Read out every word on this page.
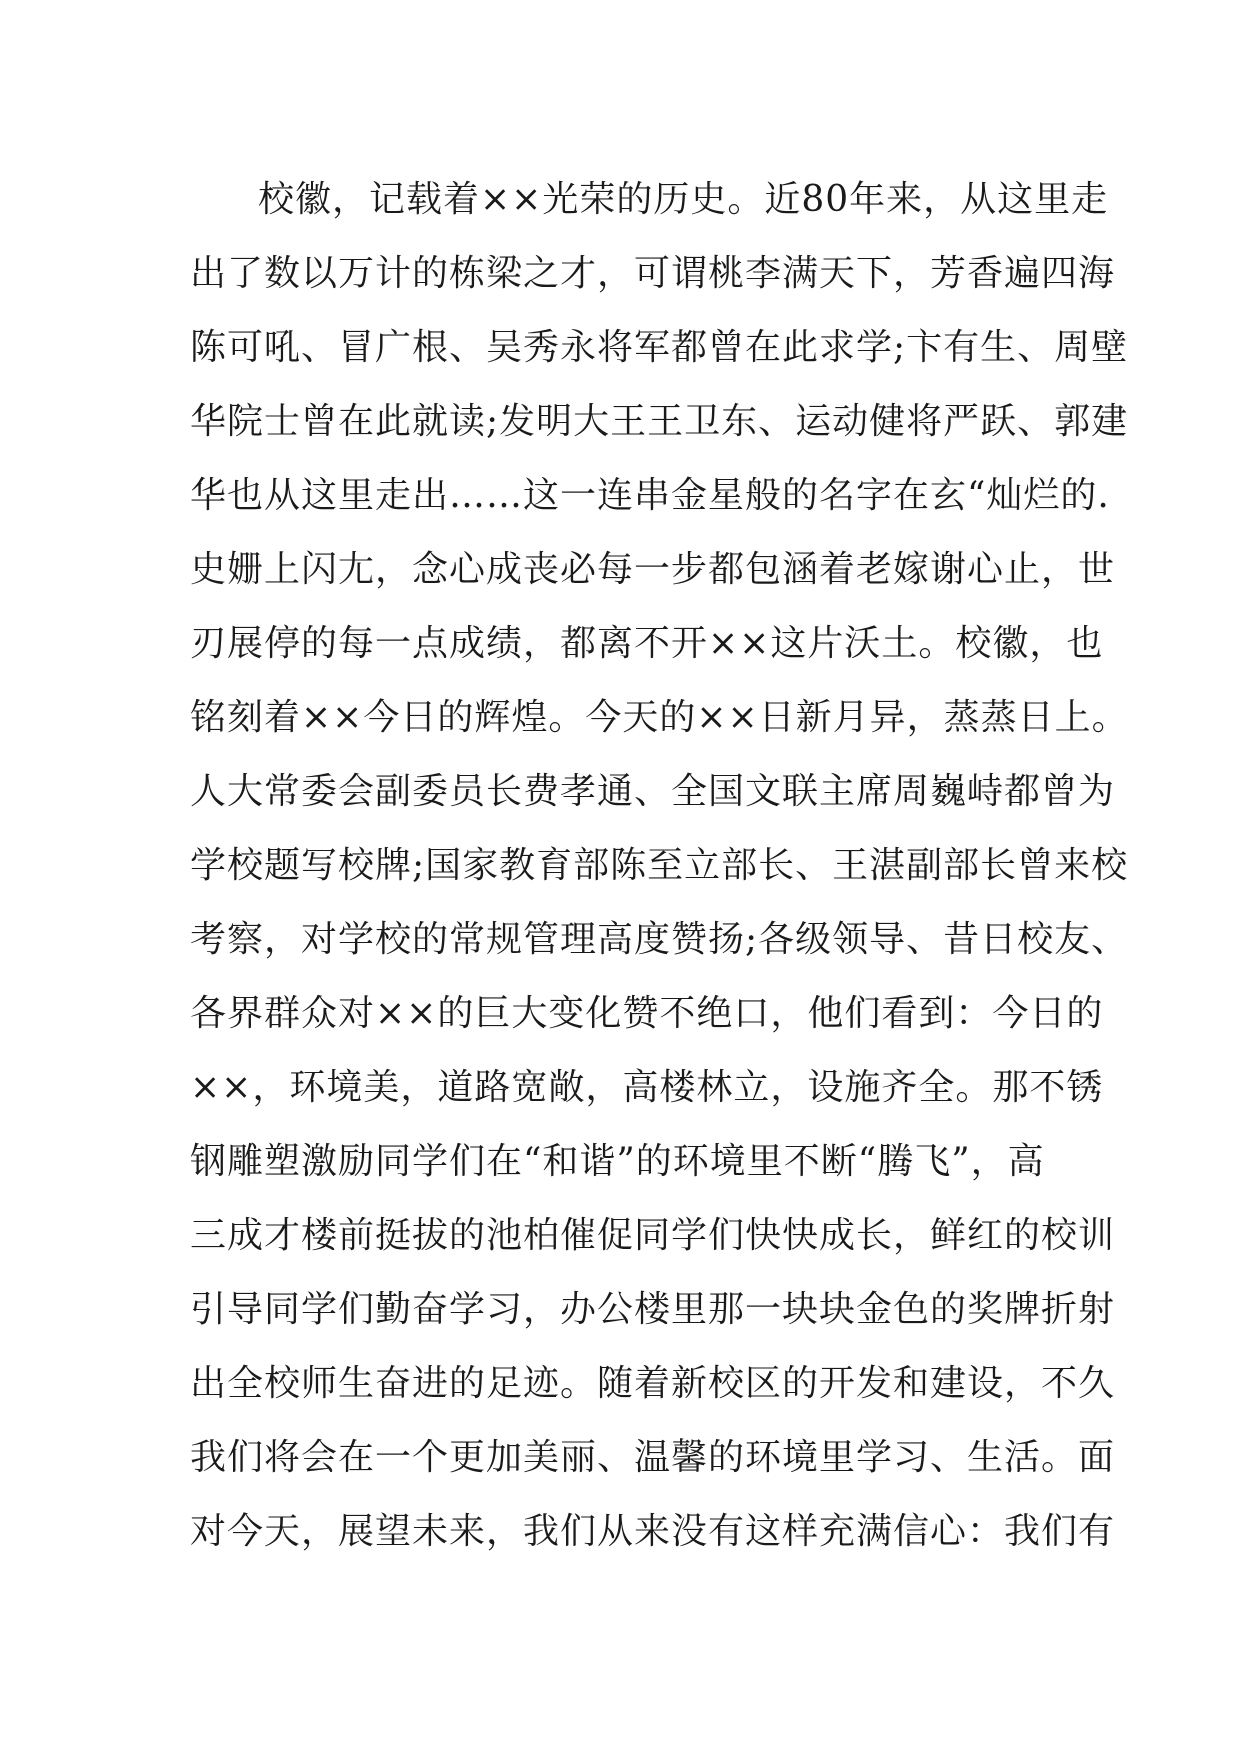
校徽，记载着××光荣的历史。近80年来，从这里走
出了数以万计的栋梁之才，可谓桃李满天下，芳香遍四海
陈可吼、冒广根、吴秀永将军都曾在此求学;卞有生、周壁
华院士曾在此就读;发明大王王卫东、运动健将严跃、郭建
华也从这里走出……这一连串金星般的名字在玄“灿烂的.
史姗上闪尢，念心成丧必每一步都包涵着老嫁谢心止，世
刃展停的每一点成绩，都离不开××这片沃土。校徽，也
铭刻着××今日的辉煌。今天的××日新月异，蒸蒸日上。
人大常委会副委员长费孝通、全国文联主席周巍峙都曾为
学校题写校牌;国家教育部陈至立部长、王湛副部长曾来校
考察，对学校的常规管理高度赞扬;各级领导、昔日校友、
各界群众对××的巨大变化赞不绝口，他们看到：今日的
××，环境美，道路宽敞，高楼林立，设施齐全。那不锈
钢雕塑激励同学们在“和谐”的环境里不断“腾飞”，高
三成才楼前挺拔的池柏催促同学们快快成长，鲜红的校训
引导同学们勤奋学习，办公楼里那一块块金色的奖牌折射
出全校师生奋进的足迹。随着新校区的开发和建设，不久
我们将会在一个更加美丽、温馨的环境里学习、生活。面
对今天，展望未来，我们从来没有这样充满信心：我们有
